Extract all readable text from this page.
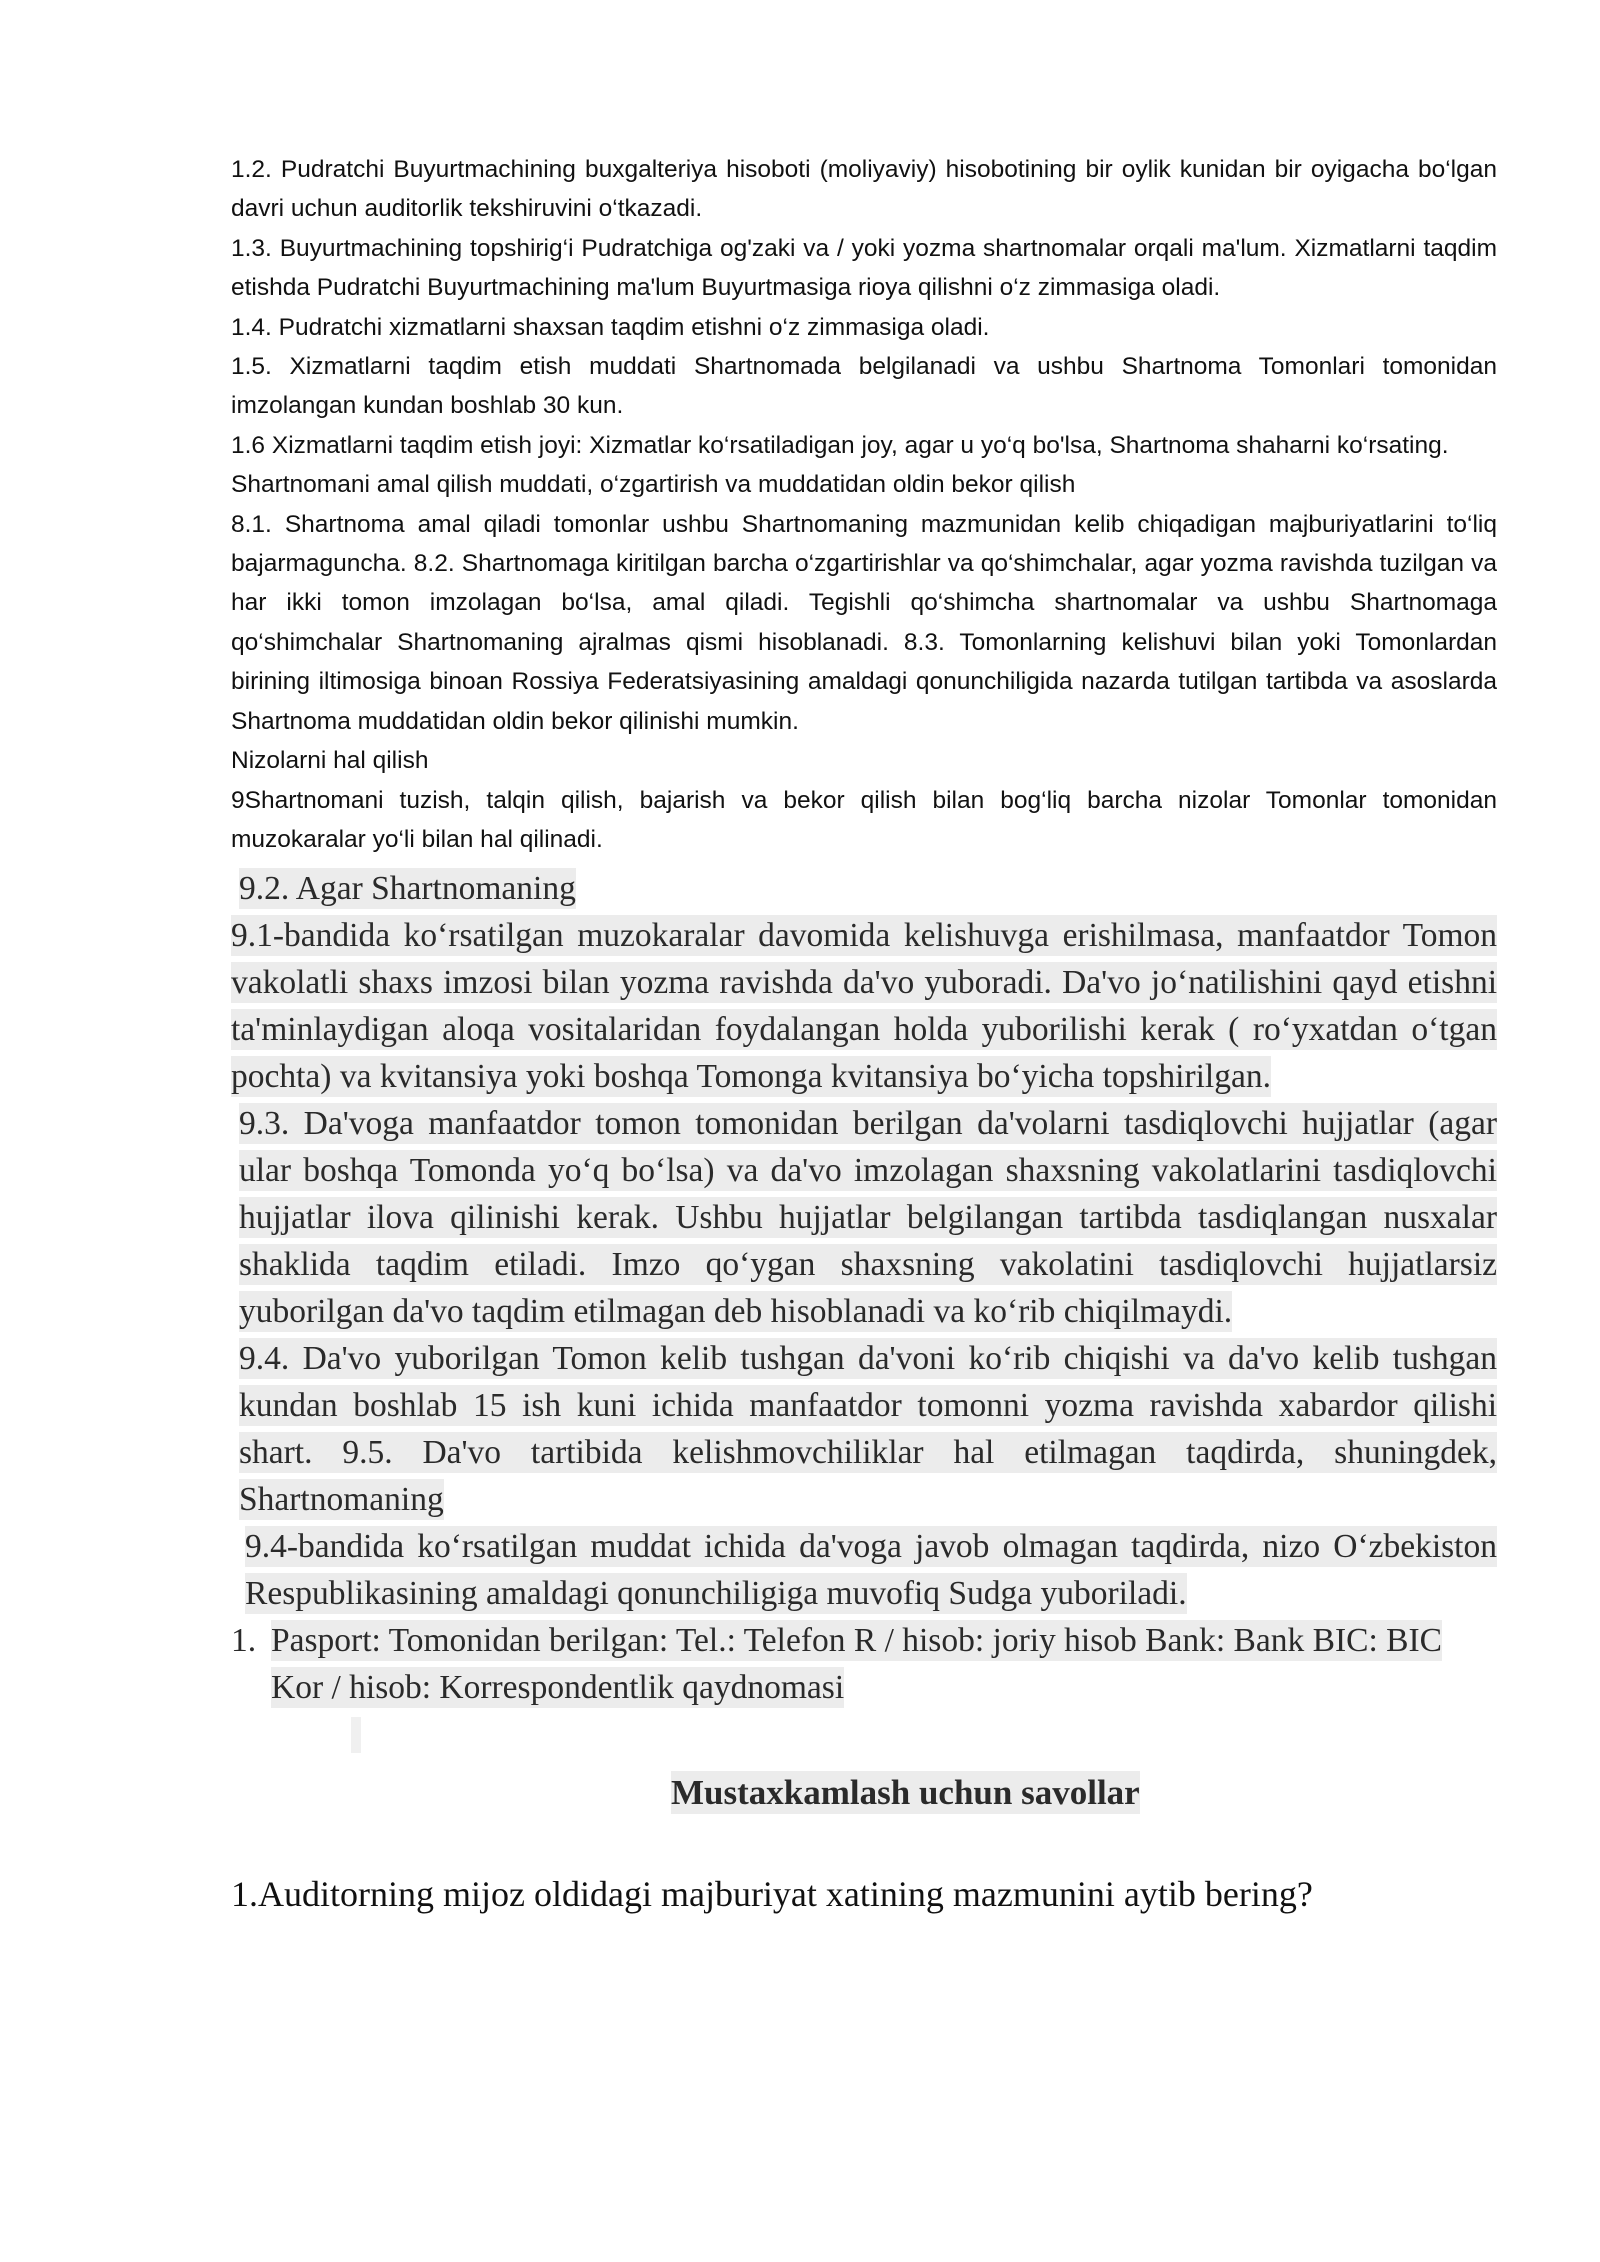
1.2. Pudratchi Buyurtmachining buxgalteriya hisoboti (moliyaviy) hisobotining bir oylik kunidan bir oyigacha bo‘lgan davri uchun auditorlik tekshiruvini o‘tkazadi.

1.3. Buyurtmachining topshirig‘i Pudratchiga og'zaki va / yoki yozma shartnomalar orqali ma'lum. Xizmatlarni taqdim etishda Pudratchi Buyurtmachining ma'lum Buyurtmasiga rioya qilishni o‘z zimmasiga oladi.

1.4. Pudratchi xizmatlarni shaxsan taqdim etishni o‘z zimmasiga oladi.

1.5. Xizmatlarni taqdim etish muddati Shartnomada belgilanadi va ushbu Shartnoma Tomonlari tomonidan imzolangan kundan boshlab 30 kun.

1.6 Xizmatlarni taqdim etish joyi: Xizmatlar ko‘rsatiladigan joy, agar u yo‘q bo'lsa, Shartnoma shaharni ko‘rsating.

Shartnomani amal qilish muddati, o‘zgartirish va muddatidan oldin bekor qilish

8.1. Shartnoma amal qiladi tomonlar ushbu Shartnomaning mazmunidan kelib chiqadigan majburiyatlarini to‘liq bajarmaguncha. 8.2. Shartnomaga kiritilgan barcha o‘zgartirishlar va qo‘shimchalar, agar yozma ravishda tuzilgan va har ikki tomon imzolagan bo‘lsa, amal qiladi. Tegishli qo‘shimcha shartnomalar va ushbu Shartnomaga qo‘shimchalar Shartnomaning ajralmas qismi hisoblanadi. 8.3. Tomonlarning kelishuvi bilan yoki Tomonlardan birining iltimosiga binoan Rossiya Federatsiyasining amaldagi qonunchiligida nazarda tutilgan tartibda va asoslarda Shartnoma muddatidan oldin bekor qilinishi mumkin.

Nizolarni hal qilish

9Shartnomani tuzish, talqin qilish, bajarish va bekor qilish bilan bog‘liq barcha nizolar Tomonlar tomonidan muzokaralar yo‘li bilan hal qilinadi.

9.2. Agar Shartnomaning

9.1-bandida ko‘rsatilgan muzokaralar davomida kelishuvga erishilmasa, manfaatdor Tomon vakolatli shaxs imzosi bilan yozma ravishda da'vo yuboradi. Da'vo jo‘natilishini qayd etishni ta'minlaydigan aloqa vositalaridan foydalangan holda yuborilishi kerak ( ro‘yxatdan o‘tgan pochta) va kvitansiya yoki boshqa Tomonga kvitansiya bo‘yicha topshirilgan.

9.3. Da'voga manfaatdor tomon tomonidan berilgan da'volarni tasdiqlovchi hujjatlar (agar ular boshqa Tomonda yo‘q bo‘lsa) va da'vo imzolagan shaxsning vakolatlarini tasdiqlovchi hujjatlar ilova qilinishi kerak. Ushbu hujjatlar belgilangan tartibda tasdiqlangan nusxalar shaklida taqdim etiladi. Imzo qo‘ygan shaxsning vakolatini tasdiqlovchi hujjatlarsiz yuborilgan da'vo taqdim etilmagan deb hisoblanadi va ko‘rib chiqilmaydi.

9.4. Da'vo yuborilgan Tomon kelib tushgan da'voni ko‘rib chiqishi va da'vo kelib tushgan kundan boshlab 15 ish kuni ichida manfaatdor tomonni yozma ravishda xabardor qilishi shart. 9.5. Da'vo tartibida kelishmovchiliklar hal etilmagan taqdirda, shuningdek, Shartnomaning

9.4-bandida ko‘rsatilgan muddat ichida da'voga javob olmagan taqdirda, nizo O‘zbekiston Respublikasining amaldagi qonunchiligiga muvofiq Sudga yuboriladi.

1. Pasport: Tomonidan berilgan: Tel.: Telefon R / hisob: joriy hisob Bank: Bank BIC: BIC Kor / hisob: Korrespondentlik qaydnomasi
Mustaxkamlash uchun savollar

1.Auditorning mijoz oldidagi majburiyat xatining mazmunini aytib bering?
